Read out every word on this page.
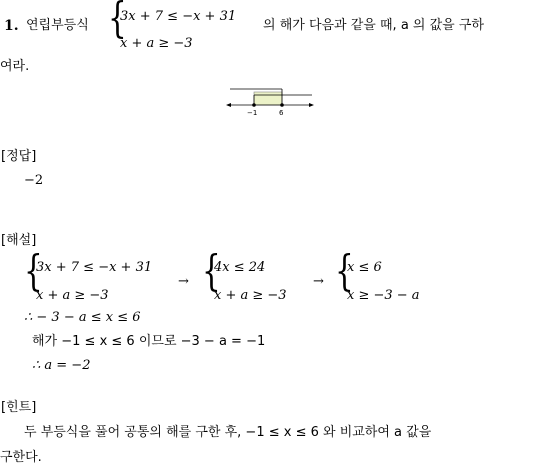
1. 연립부등식 {
3x + 7 ≤ −x + 31
x + a ≥ −3
의 해가 다음과 같을 때, a 의 값을 구하
여라.
−1	6
[정답]
−2
[해설]
{
3x + 7 ≤ −x + 31
x + a ≥ −3
→ {
4x ≤ 24
x + a ≥ −3
→ {
x ≤ 6
x ≥ −3 − a
∴ − 3 − a ≤ x ≤ 6
해가 −1 ≤ x ≤ 6 이므로 −3 − a = −1
∴ a = −2
[힌트]
두 부등식을 풀어 공통의 해를 구한 후, −1 ≤ x ≤ 6 와 비교하여 a 값을
구한다.
